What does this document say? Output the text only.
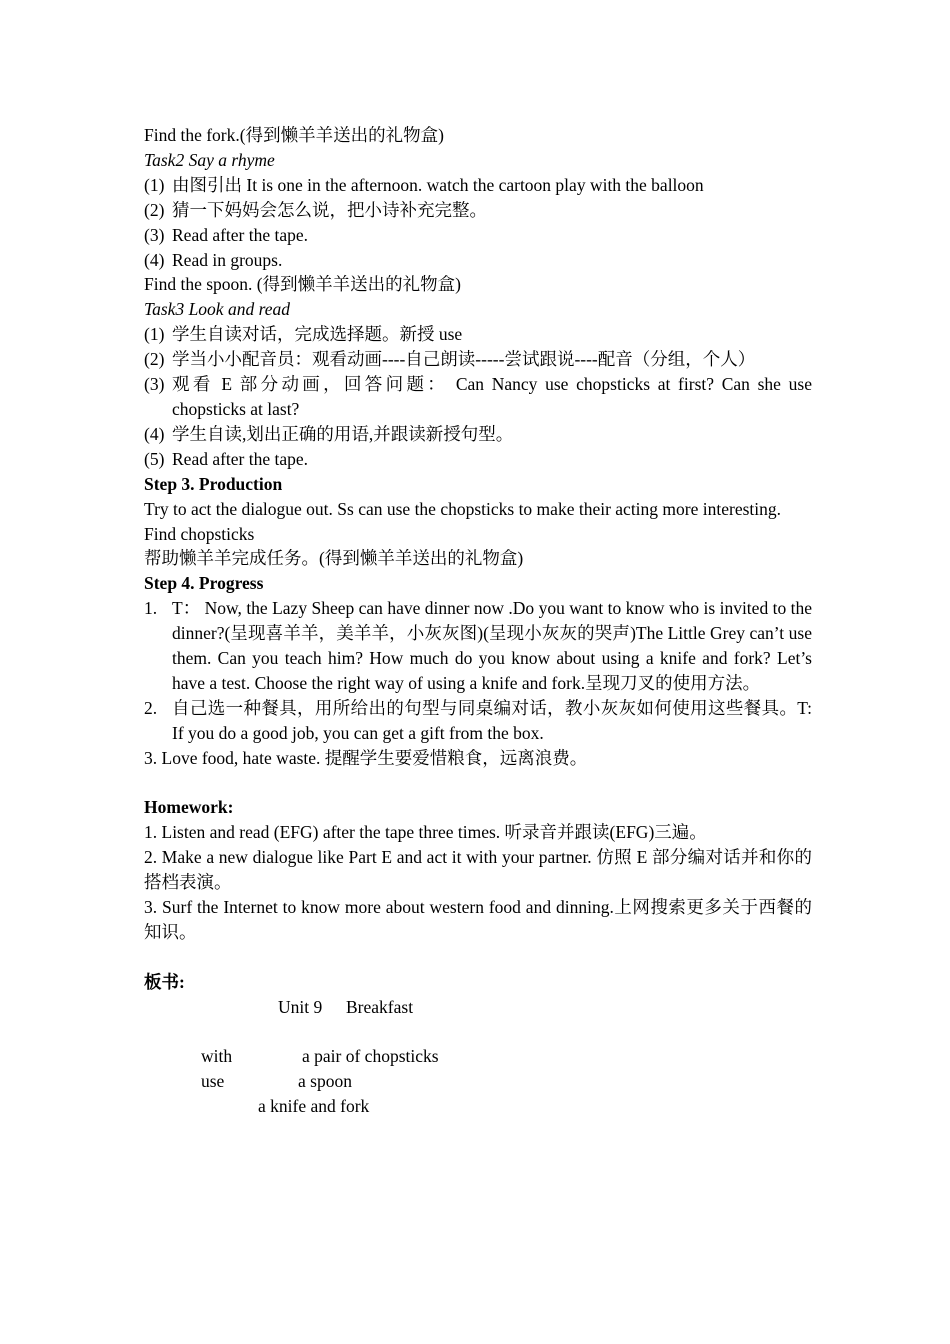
Find the fork.(得到懒羊羊送出的礼物盒)
Task2 Say a rhyme
(1) 由图引出 It is one in the afternoon. watch the cartoon play with the balloon
(2) 猜一下妈妈会怎么说，把小诗补充完整。
(3) Read after the tape.
(4) Read in groups.
Find the spoon. (得到懒羊羊送出的礼物盒)
Task3 Look and read
(1) 学生自读对话，完成选择题。新授 use
(2) 学当小小配音员：观看动画----自己朗读-----尝试跟说----配音（分组，个人）
(3) 观看 E 部分动画，回答问题： Can Nancy use chopsticks at first? Can she use chopsticks at last?
(4) 学生自读,划出正确的用语,并跟读新授句型。
(5) Read after the tape.
Step 3. Production
Try to act the dialogue out. Ss can use the chopsticks to make their acting more interesting.
Find chopsticks
帮助懒羊羊完成任务。(得到懒羊羊送出的礼物盒)
Step 4. Progress
1. T： Now, the Lazy Sheep can have dinner now .Do you want to know who is invited to the dinner?(呈现喜羊羊，美羊羊，小灰灰图)(呈现小灰灰的哭声)The Little Grey can’t use them. Can you teach him? How much do you know about using a knife and fork? Let’s have a test. Choose the right way of using a knife and fork.呈现刀叉的使用方法。
2. 自己选一种餐具，用所给出的句型与同桌编对话，教小灰灰如何使用这些餐具。T: If you do a good job, you can get a gift from the box.
3. Love food, hate waste. 提醒学生要爱惜粮食，远离浪费。
Homework:
1. Listen and read (EFG) after the tape three times. 听录音并跟读(EFG)三遍。
2. Make a new dialogue like Part E and act it with your partner. 仿照 E 部分编对话并和你的搭档表演。
3. Surf the Internet to know more about western food and dinning.上网搜索更多关于西餐的知识。
板书:
Unit 9 Breakfast
with	a pair of chopsticks
use	a spoon
a knife and fork
